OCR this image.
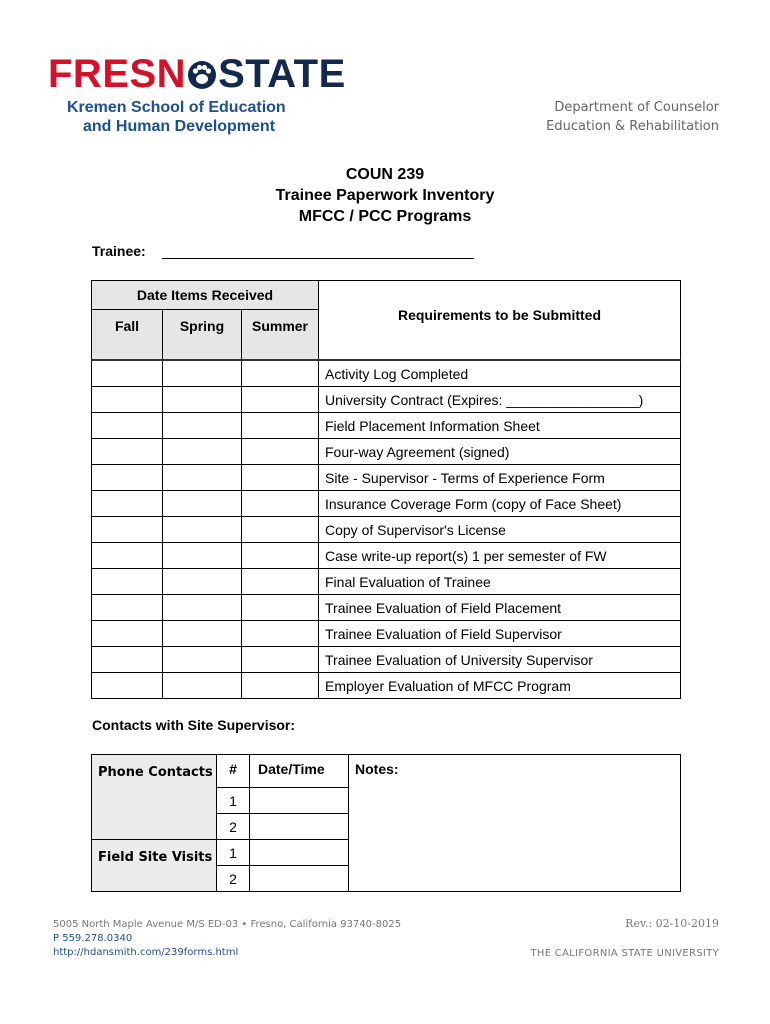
FRESN STATE
Kremen School of Education
and Human Development
Department of Counselor
Education & Rehabilitation
COUN 239
Trainee Paperwork Inventory
MFCC / PCC Programs
Trainee:
Date Items Received			Requirements to be Submitted
Fall	Spring	Summer	
			Activity Log Completed
			University Contract (Expires: _________________)
			Field Placement Information Sheet
			Four-way Agreement (signed)
			Site - Supervisor - Terms of Experience Form
			Insurance Coverage Form (copy of Face Sheet)
			Copy of Supervisor's License
			Case write-up report(s) 1 per semester of FW
			Final Evaluation of Trainee
			Trainee Evaluation of Field Placement
			Trainee Evaluation of Field Supervisor
			Trainee Evaluation of University Supervisor
			Employer Evaluation of MFCC Program
Contacts with Site Supervisor:
Phone Contacts	#	Date/Time	Notes:
	1		
	2		
Field Site Visits	1		
	2		
5005 North Maple Avenue M/S ED-03 • Fresno, California 93740-8025
P 559.278.0340
http://hdansmith.com/239forms.html
Rev.: 02-10-2019
THE CALIFORNIA STATE UNIVERSITY
